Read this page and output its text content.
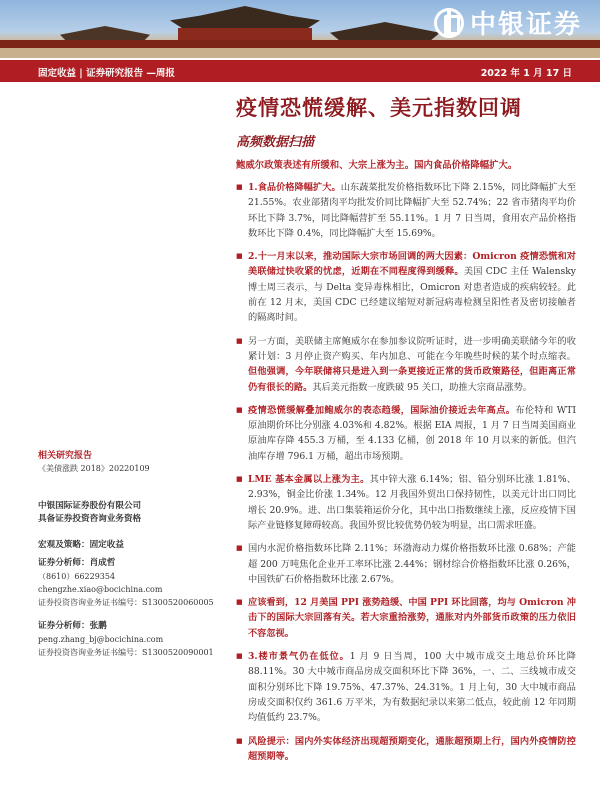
中银证券
固定收益 | 证券研究报告 —周报	2022 年 1 月 17 日
疫情恐慌缓解、美元指数回调
高频数据扫描
鲍威尔政策表述有所缓和、大宗上涨为主。国内食品价格降幅扩大。
■ 1.食品价格降幅扩大。山东蔬菜批发价格指数环比下降 2.15%，同比降幅扩大至 21.55%。农业部猪肉平均批发价同比降幅扩大至 52.74%；22 省市猪肉平均价环比下降 3.7%，同比降幅营扩至 55.11%。1 月 7 日当周，食用农产品价格指数环比下降 0.4%，同比降幅扩大至 15.69%。
■ 2.十一月末以来，推动国际大宗市场回调的两大因素：Omicron 疫情恐慌和对美联储过快收紧的忧虑，近期在不同程度得到缓释。美国 CDC 主任 Walensky 博士周三表示，与 Delta 变异毒株相比，Omicron 对患者造成的疾病较轻。此前在 12 月末，美国 CDC 已经建议缩短对新冠病毒检测呈阳性者及密切接触者的隔离时间。
■ 另一方面，美联储主席鲍威尔在参加参议院听证时，进一步明确美联储今年的收紧计划：3 月停止资产购买、年内加息、可能在今年晚些时候的某个时点缩表。但他强调，今年联储将只是进入到一条更接近正常的货币政策路径，但距离正常仍有很长的路。其后美元指数一度跌破 95 关口，助推大宗商品涨势。
■ 疫情恐慌缓解叠加鲍威尔的表态趋缓，国际油价接近去年高点。布伦特和 WTI 原油期价环比分别涨 4.03%和 4.82%。根据 EIA 周报，1 月 7 日当周美国商业原油库存降 455.3 万桶，至 4.133 亿桶，创 2018 年 10 月以来的新低。但汽油库存增 796.1 万桶，超出市场预期。
■ LME 基本金属以上涨为主。其中锌大涨 6.14%；铝、铅分别环比涨 1.81%、2.93%，铜金比价涨 1.34%。12 月我国外贸出口保持韧性，以美元计出口同比增长 20.9%。进、出口集装箱运价分化，其中出口指数继续上涨，反应疫情下国际产业链修复障碍较高。我国外贸比较优势仍较为明显，出口需求旺盛。
■ 国内水泥价格指数环比降 2.11%；环渤海动力煤价格指数环比涨 0.68%；产能超 200 万吨焦化企业开工率环比涨 2.44%；钢材综合价格指数环比涨 0.26%，中国铁矿石价格指数环比涨 2.67%。
■ 应该看到，12 月美国 PPI 涨势趋缓、中国 PPI 环比回落，均与 Omicron 冲击下的国际大宗回落有关。若大宗重拾涨势，通胀对内外部货币政策的压力依旧不容忽视。
■ 3.楼市景气仍在低位。1 月 9 日当周，100 大中城市成交土地总价环比降 88.11%。30 大中城市商品房成交面积环比下降 36%，一、二、三线城市成交面积分别环比下降 19.75%、47.37%、24.31%。1 月上旬，30 大中城市商品房成交面积仅约 361.6 万平米，为有数据纪录以来第二低点，较此前 12 年同期均值低约 23.7%。
■ 风险提示：国内外实体经济出现超预期变化，通胀超预期上行，国内外疫情防控超预期等。
相关研究报告
《美债涨跌 2018》20220109
中银国际证券股份有限公司
具备证券投资咨询业务资格
宏观及策略：固定收益
证券分析师：肖成哲
（8610）66229354
chengzhe.xiao@bocichina.com
证券投资咨询业务证书编号：S1300520060005
证券分析师：张鹏
peng.zhang_bj@bocichina.com
证券投资咨询业务证书编号：S1300520090001
